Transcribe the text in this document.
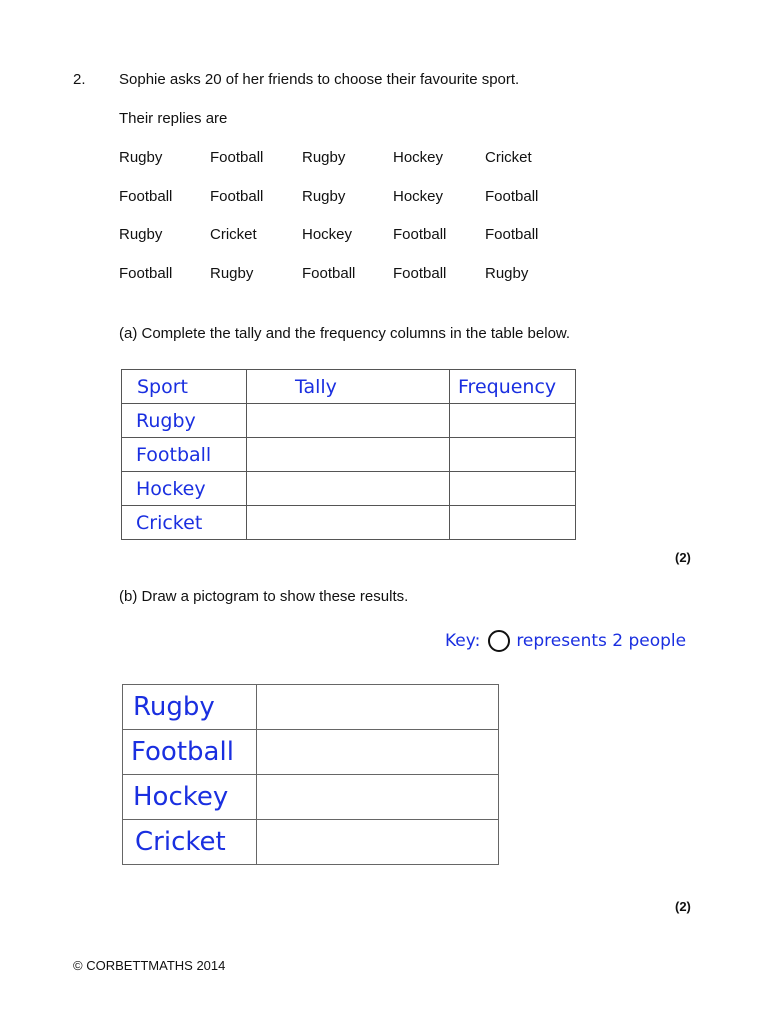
2. Sophie asks 20 of her friends to choose their favourite sport.
Their replies are
Rugby	Football	Rugby	Hockey	Cricket
Football	Football	Rugby	Hockey	Football
Rugby	Cricket	Hockey	Football	Football
Football	Rugby	Football	Football	Rugby
(a) Complete the tally and the frequency columns in the table below.
Sport	Tally	Frequency
Rugby		
Football		
Hockey		
Cricket		
(2)
(b) Draw a pictogram to show these results.
Key: represents 2 people
Rugby	
Football	
Hockey	
Cricket	
(2)
© CORBETTMATHS 2014
